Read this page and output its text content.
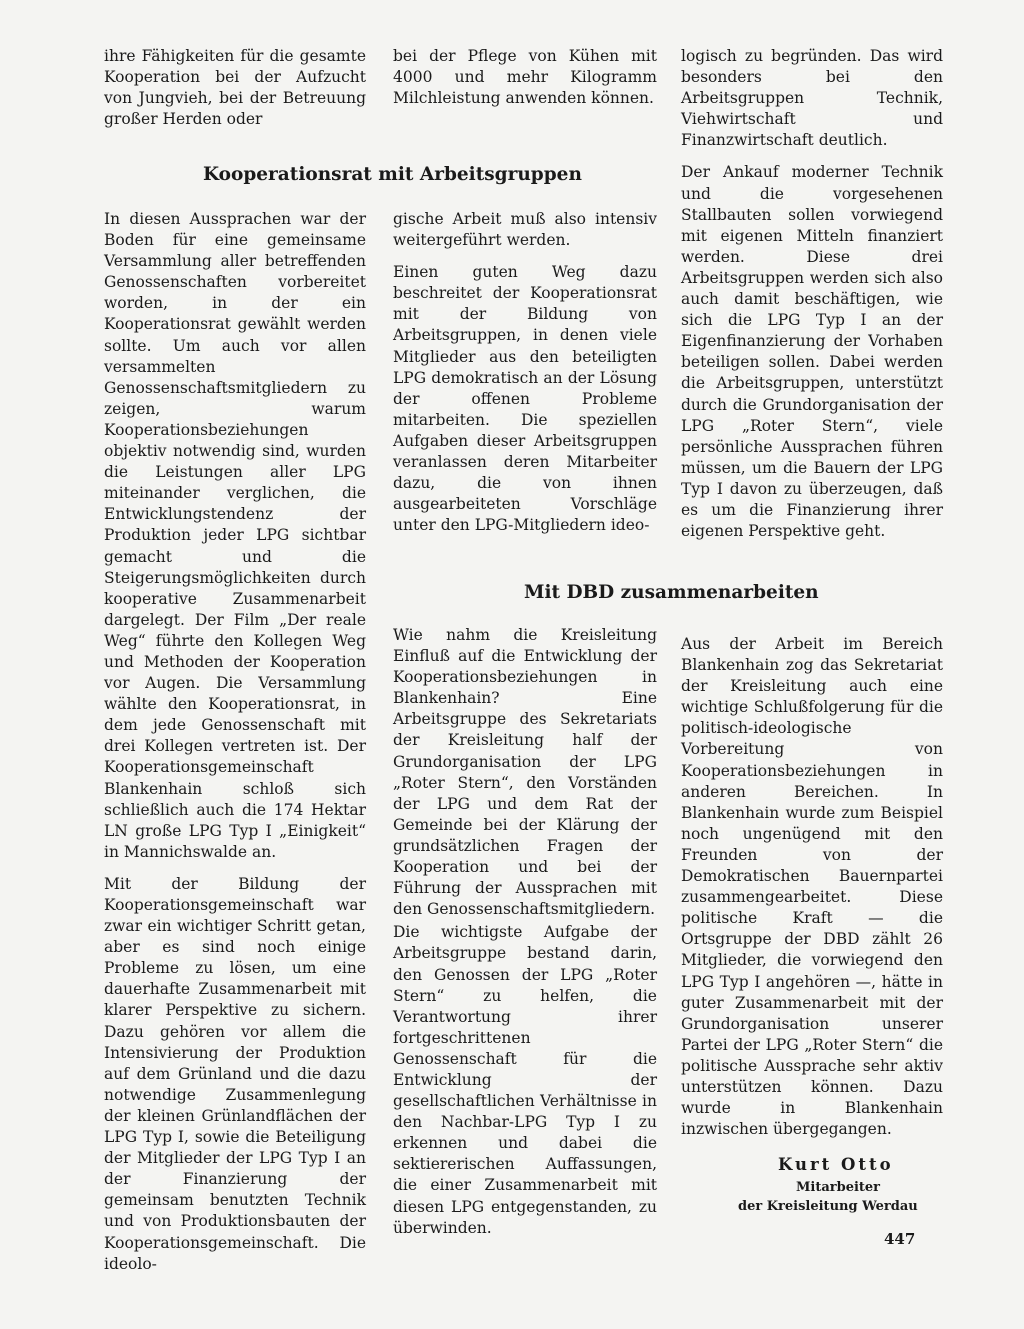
ihre Fähigkeiten für die gesamte Kooperation bei der Aufzucht von Jungvieh, bei der Betreuung großer Herden oder

bei der Pflege von Kühen mit 4000 und mehr Kilogramm Milchleistung anwenden können.

logisch zu begründen. Das wird besonders bei den Arbeitsgruppen Technik, Viehwirtschaft und Finanzwirtschaft deutlich.

Der Ankauf moderner Technik und die vorgesehenen Stallbauten sollen vorwiegend mit eigenen Mitteln finanziert werden. Diese drei Arbeitsgruppen werden sich also auch damit beschäftigen, wie sich die LPG Typ I an der Eigenfinanzierung der Vorhaben beteiligen sollen. Dabei werden die Arbeitsgruppen, unterstützt durch die Grundorganisation der LPG „Roter Stern“, viele persönliche Aussprachen führen müssen, um die Bauern der LPG Typ I davon zu überzeugen, daß es um die Finanzierung ihrer eigenen Perspektive geht.

Kooperationsrat mit Arbeitsgruppen

In diesen Aussprachen war der Boden für eine gemeinsame Versammlung aller betreffenden Genossenschaften vorbereitet worden, in der ein Kooperationsrat gewählt werden sollte. Um auch vor allen versammelten Genossenschaftsmitgliedern zu zeigen, warum Kooperationsbeziehungen objektiv notwendig sind, wurden die Leistungen aller LPG miteinander verglichen, die Entwicklungstendenz der Produktion jeder LPG sichtbar gemacht und die Steigerungsmöglichkeiten durch kooperative Zusammenarbeit dargelegt. Der Film „Der reale Weg“ führte den Kollegen Weg und Methoden der Kooperation vor Augen. Die Versammlung wählte den Kooperationsrat, in dem jede Genossenschaft mit drei Kollegen vertreten ist. Der Kooperationsgemeinschaft Blankenhain schloß sich schließlich auch die 174 Hektar LN große LPG Typ I „Einigkeit“ in Mannichswalde an.

Mit der Bildung der Kooperationsgemeinschaft war zwar ein wichtiger Schritt getan, aber es sind noch einige Probleme zu lösen, um eine dauerhafte Zusammenarbeit mit klarer Perspektive zu sichern. Dazu gehören vor allem die Intensivierung der Produktion auf dem Grünland und die dazu notwendige Zusammenlegung der kleinen Grünlandflächen der LPG Typ I, sowie die Beteiligung der Mitglieder der LPG Typ I an der Finanzierung der gemeinsam benutzten Technik und von Produktionsbauten der Kooperationsgemeinschaft. Die ideolo-

gische Arbeit muß also intensiv weitergeführt werden.

Einen guten Weg dazu beschreitet der Kooperationsrat mit der Bildung von Arbeitsgruppen, in denen viele Mitglieder aus den beteiligten LPG demokratisch an der Lösung der offenen Probleme mitarbeiten. Die speziellen Aufgaben dieser Arbeitsgruppen veranlassen deren Mitarbeiter dazu, die von ihnen ausgearbeiteten Vorschläge unter den LPG-Mitgliedern ideo-

Mit DBD zusammenarbeiten

Wie nahm die Kreisleitung Einfluß auf die Entwicklung der Kooperationsbeziehungen in Blankenhain? Eine Arbeitsgruppe des Sekretariats der Kreisleitung half der Grundorganisation der LPG „Roter Stern“, den Vorständen der LPG und dem Rat der Gemeinde bei der Klärung der grundsätzlichen Fragen der Kooperation und bei der Führung der Aussprachen mit den Genossenschaftsmitgliedern.

Die wichtigste Aufgabe der Arbeitsgruppe bestand darin, den Genossen der LPG „Roter Stern“ zu helfen, die Verantwortung ihrer fortgeschrittenen Genossenschaft für die Entwicklung der gesellschaftlichen Verhältnisse in den Nachbar-LPG Typ I zu erkennen und dabei die sektiererischen Auffassungen, die einer Zusammenarbeit mit diesen LPG entgegenstanden, zu überwinden.

Aus der Arbeit im Bereich Blankenhain zog das Sekretariat der Kreisleitung auch eine wichtige Schlußfolgerung für die politisch-ideologische Vorbereitung von Kooperationsbeziehungen in anderen Bereichen. In Blankenhain wurde zum Beispiel noch ungenügend mit den Freunden von der Demokratischen Bauernpartei zusammengearbeitet. Diese politische Kraft — die Ortsgruppe der DBD zählt 26 Mitglieder, die vorwiegend den LPG Typ I angehören —, hätte in guter Zusammenarbeit mit der Grundorganisation unserer Partei der LPG „Roter Stern“ die politische Aussprache sehr aktiv unterstützen können. Dazu wurde in Blankenhain inzwischen übergegangen.

Kurt Otto
Mitarbeiter
der Kreisleitung Werdau
447
